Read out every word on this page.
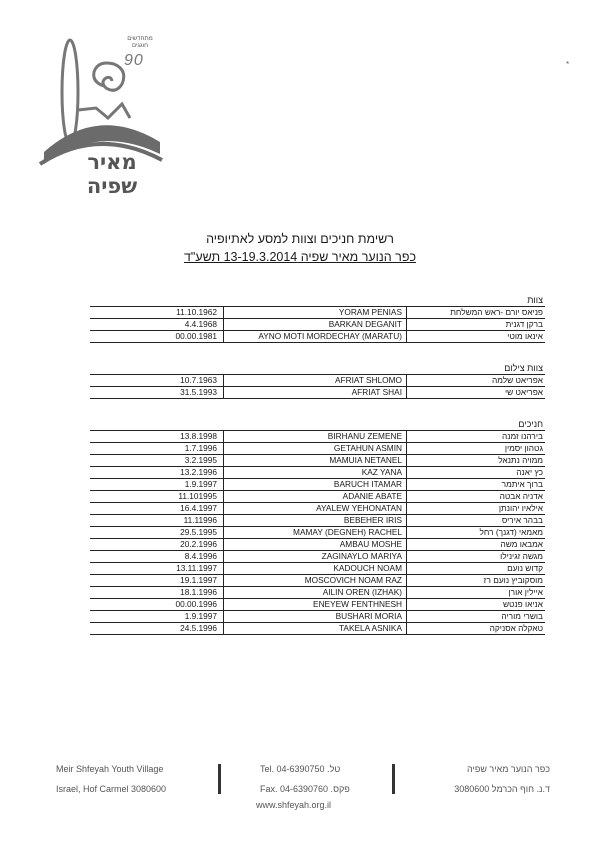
מתחדשים חוגגים
90
מאיר שפיה
*
רשימת חניכים וצוות למסע לאתיופיה
כפר הנוער מאיר שפיה 13-19.3.2014 תשע"ד
צוות
11.10.1962	YORAM PENIAS	פניאס יורם -ראש המשלחת
4.4.1968	BARKAN DEGANIT	ברקן דגנית
00.00.1981	AYNO MOTI MORDECHAY (MARATU)	אינאו מוטי
צוות צילום
10.7.1963	AFRIAT SHLOMO	אפריאט שלמה
31.5.1993	AFRIAT SHAI	אפריאט שי
חניכים
13.8.1998	BIRHANU ZEMENE	בירהנו זמנה
1.7.1996	GETAHUN ASMIN	גטהון יסמין
3.2.1995	MAMUIA NETANEL	ממויה נתנאל
13.2.1996	KAZ YANA	כץ יאנה
1.9.1997	BARUCH ITAMAR	ברוך איתמר
11.101995	ADANIE ABATE	אדניה אבטה
16.4.1997	AYALEW YEHONATAN	אילאיו יהונתן
11.11996	BEBEHER IRIS	בבהר איריס
29.5.1995	MAMAY (DEGNEH) RACHEL	מאמאי (דגנך) רחל
20.2.1996	AMBAU MOSHE	אמבאו משה
8.4.1996	ZAGINAYLO MARIYA	מגשה זגינילו
13.11.1997	KADOUCH NOAM	קדוש נועם
19.1.1997	MOSCOVICH NOAM RAZ	מוסקוביץ נועם רז
18.1.1996	AILIN OREN (IZHAK)	איילין אורן
00.00.1996	ENEYEW FENTHNESH	אניאו פנטש
1.9.1997	BUSHARI MORIA	בושרי מוריה
24.5.1996	TAKELA ASNIKA	טאקלה אסניקה
Meir Shfeyah Youth Village
Israel, Hof Carmel 3080600
Tel. 04-6390750 .טל
Fax. 04-6390760 .פקס
www.shfeyah.org.il
כפר הנוער מאיר שפיה
ד.נ. חוף הכרמל 3080600
